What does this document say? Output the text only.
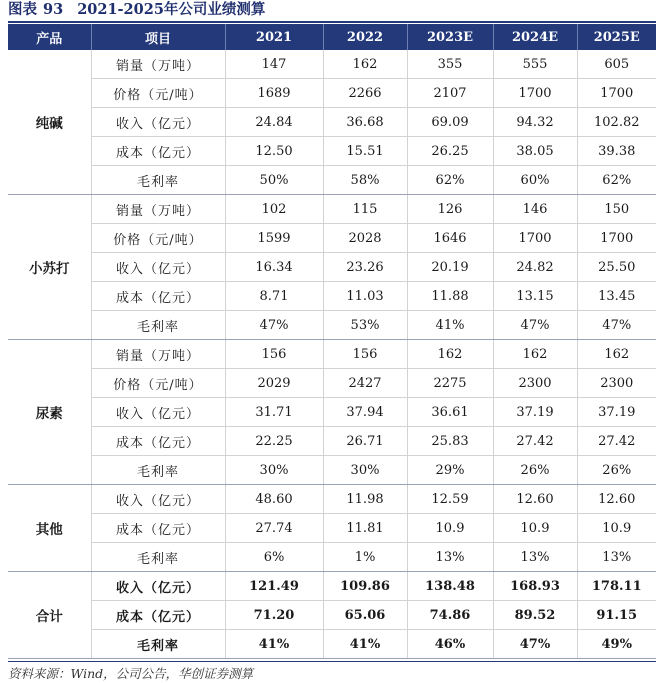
图表 93 2021-2025年公司业绩测算
产品	项目	2021	2022	2023E	2024E	2025E
纯碱	销量（万吨）	147	162	355	555	605
	价格（元/吨）	1689	2266	2107	1700	1700
	收入（亿元）	24.84	36.68	69.09	94.32	102.82
	成本（亿元）	12.50	15.51	26.25	38.05	39.38
	毛利率	50%	58%	62%	60%	62%
小苏打	销量（万吨）	102	115	126	146	150
	价格（元/吨）	1599	2028	1646	1700	1700
	收入（亿元）	16.34	23.26	20.19	24.82	25.50
	成本（亿元）	8.71	11.03	11.88	13.15	13.45
	毛利率	47%	53%	41%	47%	47%
尿素	销量（万吨）	156	156	162	162	162
	价格（元/吨）	2029	2427	2275	2300	2300
	收入（亿元）	31.71	37.94	36.61	37.19	37.19
	成本（亿元）	22.25	26.71	25.83	27.42	27.42
	毛利率	30%	30%	29%	26%	26%
其他	收入（亿元）	48.60	11.98	12.59	12.60	12.60
	成本（亿元）	27.74	11.81	10.9	10.9	10.9
	毛利率	6%	1%	13%	13%	13%
合计	收入（亿元）	121.49	109.86	138.48	168.93	178.11
	成本（亿元）	71.20	65.06	74.86	89.52	91.15
	毛利率	41%	41%	46%	47%	49%
资料来源：Wind，公司公告，华创证券测算
